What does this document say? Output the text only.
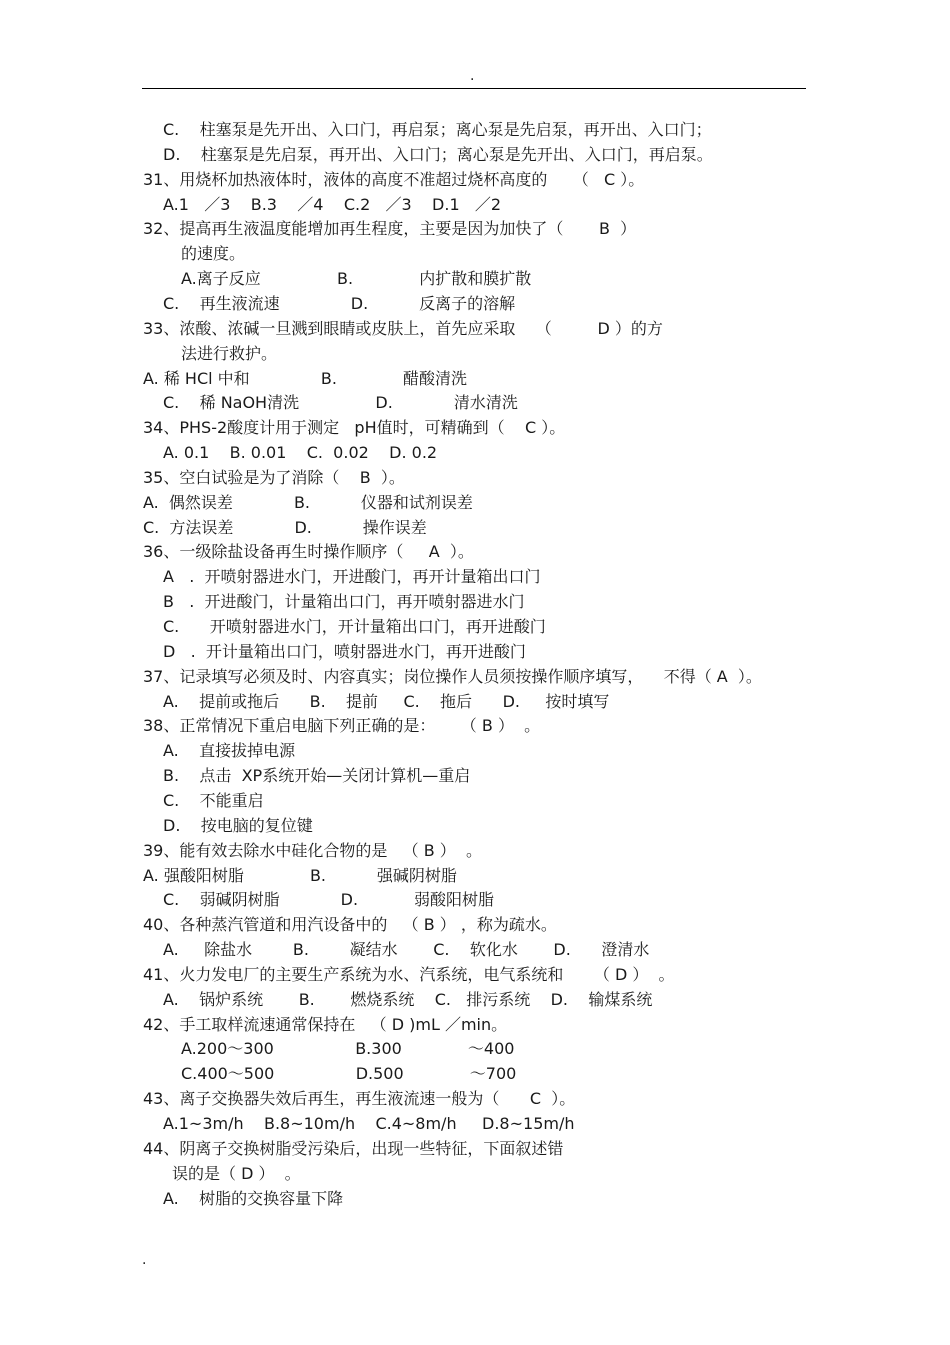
.
C.    柱塞泵是先开出、入口门，再启泵；离心泵是先启泵，再开出、入口门；
D.    柱塞泵是先启泵，再开出、入口门；离心泵是先开出、入口门，再启泵。
31、用烧杯加热液体时，液体的高度不准超过烧杯高度的     （   C ）。
A.1   ／3    B.3    ／4    C.2   ／3    D.1   ／2
32、提高再生液温度能增加再生程度，主要是因为加快了（       B  ）
的速度。
A.离子反应               B.             内扩散和膜扩散
C.    再生液流速              D.          反离子的溶解
33、浓酸、浓碱一旦溅到眼睛或皮肤上，首先应采取    （         D ）的方
法进行救护。
A. 稀 HCl 中和              B.             醋酸清洗
C.    稀 NaOH清洗               D.            清水清洗
34、PHS-2酸度计用于测定   pH值时，可精确到（    C ）。
A. 0.1    B. 0.01    C.  0.02    D. 0.2
35、空白试验是为了消除（    B  ）。
A.  偶然误差            B.          仪器和试剂误差
C.  方法误差            D.          操作误差
36、一级除盐设备再生时操作顺序（     A  ）。
A   .  开喷射器进水门，开进酸门，再开计量箱出口门
B   .  开进酸门，计量箱出口门，再开喷射器进水门
C.      开喷射器进水门，开计量箱出口门，再开进酸门
D   .  开计量箱出口门，喷射器进水门，再开进酸门
37、记录填写必须及时、内容真实；岗位操作人员须按操作顺序填写，    不得（ A  ）。
A.    提前或拖后      B.    提前     C.    拖后      D.     按时填写
38、正常情况下重启电脑下列正确的是：     （ B ）  。
A.    直接拔掉电源
B.    点击  XP系统开始—关闭计算机—重启
C.    不能重启
D.    按电脑的复位键
39、能有效去除水中硅化合物的是   （ B ）  。
A. 强酸阳树脂             B.          强碱阴树脂
C.    弱碱阴树脂            D.           弱酸阳树脂
40、各种蒸汽管道和用汽设备中的   （ B ） ，称为疏水。
A.     除盐水        B.        凝结水       C.    软化水       D.      澄清水
41、火力发电厂的主要生产系统为水、汽系统，电气系统和      （ D ）  。
A.    锅炉系统       B.       燃烧系统    C.   排污系统    D.    输煤系统
42、手工取样流速通常保持在   （ D )mL ／min。
A.200～300                B.300             ～400
C.400～500                D.500             ～700
43、离子交换器失效后再生，再生液流速一般为（      C  ）。
A.1~3m/h    B.8~10m/h    C.4~8m/h     D.8~15m/h
44、阴离子交换树脂受污染后，出现一些特征，下面叙述错
误的是（ D ）  。
A.    树脂的交换容量下降
.
